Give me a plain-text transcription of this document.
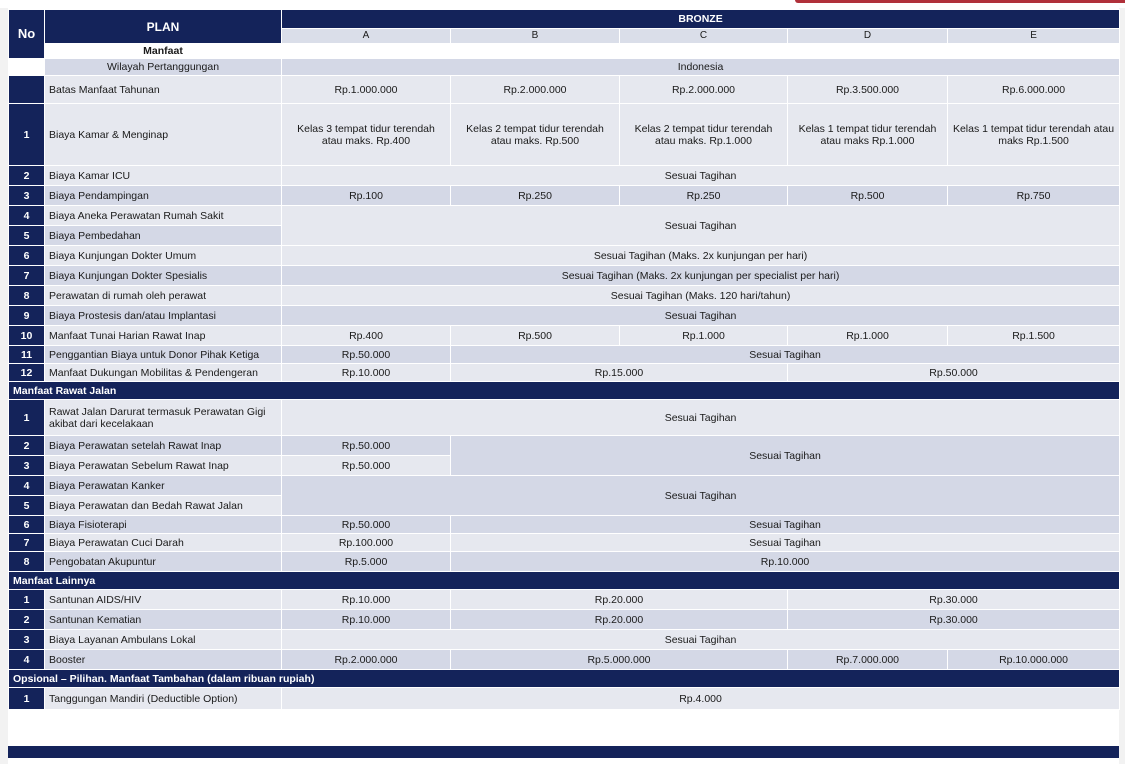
No	PLAN	BRONZE				
		A	B	C	D	E
	Manfaat					
	Wilayah Pertanggungan	Indonesia				
	Batas Manfaat Tahunan	Rp.1.000.000	Rp.2.000.000	Rp.2.000.000	Rp.3.500.000	Rp.6.000.000
1	Biaya Kamar & Menginap	Kelas 3 tempat tidur terendah atau maks. Rp.400	Kelas 2 tempat tidur terendah atau maks. Rp.500	Kelas 2 tempat tidur terendah atau maks. Rp.1.000	Kelas 1 tempat tidur terendah atau maks Rp.1.000	Kelas 1 tempat tidur terendah atau maks Rp.1.500
2	Biaya Kamar ICU	Sesuai Tagihan				
3	Biaya Pendampingan	Rp.100	Rp.250	Rp.250	Rp.500	Rp.750
4	Biaya Aneka Perawatan Rumah Sakit	Sesuai Tagihan				
5	Biaya Pembedahan					
6	Biaya Kunjungan Dokter Umum	Sesuai Tagihan (Maks. 2x kunjungan per hari)				
7	Biaya Kunjungan Dokter Spesialis	Sesuai Tagihan (Maks. 2x kunjungan per specialist per hari)				
8	Perawatan di rumah oleh perawat	Sesuai Tagihan (Maks. 120 hari/tahun)				
9	Biaya Prostesis dan/atau Implantasi	Sesuai Tagihan				
10	Manfaat Tunai Harian Rawat Inap	Rp.400	Rp.500	Rp.1.000	Rp.1.000	Rp.1.500
11	Penggantian Biaya untuk Donor Pihak Ketiga	Rp.50.000	Sesuai Tagihan			
12	Manfaat Dukungan Mobilitas & Pendengeran	Rp.10.000	Rp.15.000		Rp.50.000	
Manfaat Rawat Jalan						
1	Rawat Jalan Darurat termasuk Perawatan Gigi akibat dari kecelakaan	Sesuai Tagihan				
2	Biaya Perawatan setelah Rawat Inap	Rp.50.000	Sesuai Tagihan			
3	Biaya Perawatan Sebelum Rawat Inap	Rp.50.000				
4	Biaya Perawatan Kanker	Sesuai Tagihan				
5	Biaya Perawatan dan Bedah Rawat Jalan					
6	Biaya Fisioterapi	Rp.50.000	Sesuai Tagihan			
7	Biaya Perawatan Cuci Darah	Rp.100.000	Sesuai Tagihan			
8	Pengobatan Akupuntur	Rp.5.000	Rp.10.000			
Manfaat Lainnya						
1	Santunan AIDS/HIV	Rp.10.000	Rp.20.000		Rp.30.000	
2	Santunan Kematian	Rp.10.000	Rp.20.000		Rp.30.000	
3	Biaya Layanan Ambulans Lokal	Sesuai Tagihan				
4	Booster	Rp.2.000.000	Rp.5.000.000		Rp.7.000.000	Rp.10.000.000
Opsional – Pilihan. Manfaat Tambahan (dalam ribuan rupiah)						
1	Tanggungan Mandiri (Deductible Option)	Rp.4.000				
